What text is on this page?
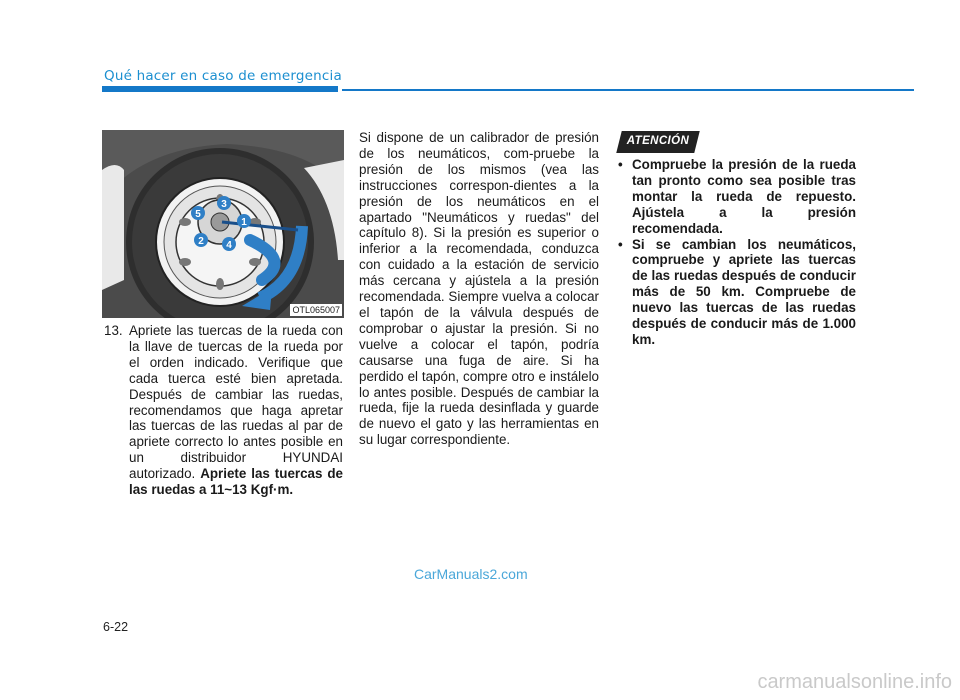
Qué hacer en caso de emergencia
1
2
3
4
5
OTL065007
13. Apriete las tuercas de la rueda con la llave de tuercas de la rueda por el orden indicado. Verifique que cada tuerca esté bien apretada. Después de cambiar las ruedas, recomendamos que haga apretar las tuercas de las ruedas al par de apriete correcto lo antes posible en un distribuidor HYUNDAI autorizado. Apriete las tuercas de las ruedas a 11~13 Kgf·m.
Si dispone de un calibrador de presión de los neumáticos, com-pruebe la presión de los mismos (vea las instrucciones correspon-dientes a la presión de los neumáticos en el apartado "Neumáticos y ruedas" del capítulo 8). Si la presión es superior o inferior a la recomendada, conduzca con cuidado a la estación de servicio más cercana y ajústela a la presión recomendada. Siempre vuelva a colocar el tapón de la válvula después de comprobar o ajustar la presión. Si no vuelve a colocar el tapón, podría causarse una fuga de aire. Si ha perdido el tapón, compre otro e instálelo lo antes posible. Después de cambiar la rueda, fije la rueda desinflada y guarde de nuevo el gato y las herramientas en su lugar correspondiente.
ATENCIÓN
• Compruebe la presión de la rueda tan pronto como sea posible tras montar la rueda de repuesto. Ajústela a la presión recomendada.
• Si se cambian los neumáticos, compruebe y apriete las tuercas de las ruedas después de conducir más de 50 km. Compruebe de nuevo las tuercas de las ruedas después de conducir más de 1.000 km.
CarManuals2.com
6-22
carmanualsonline.info
